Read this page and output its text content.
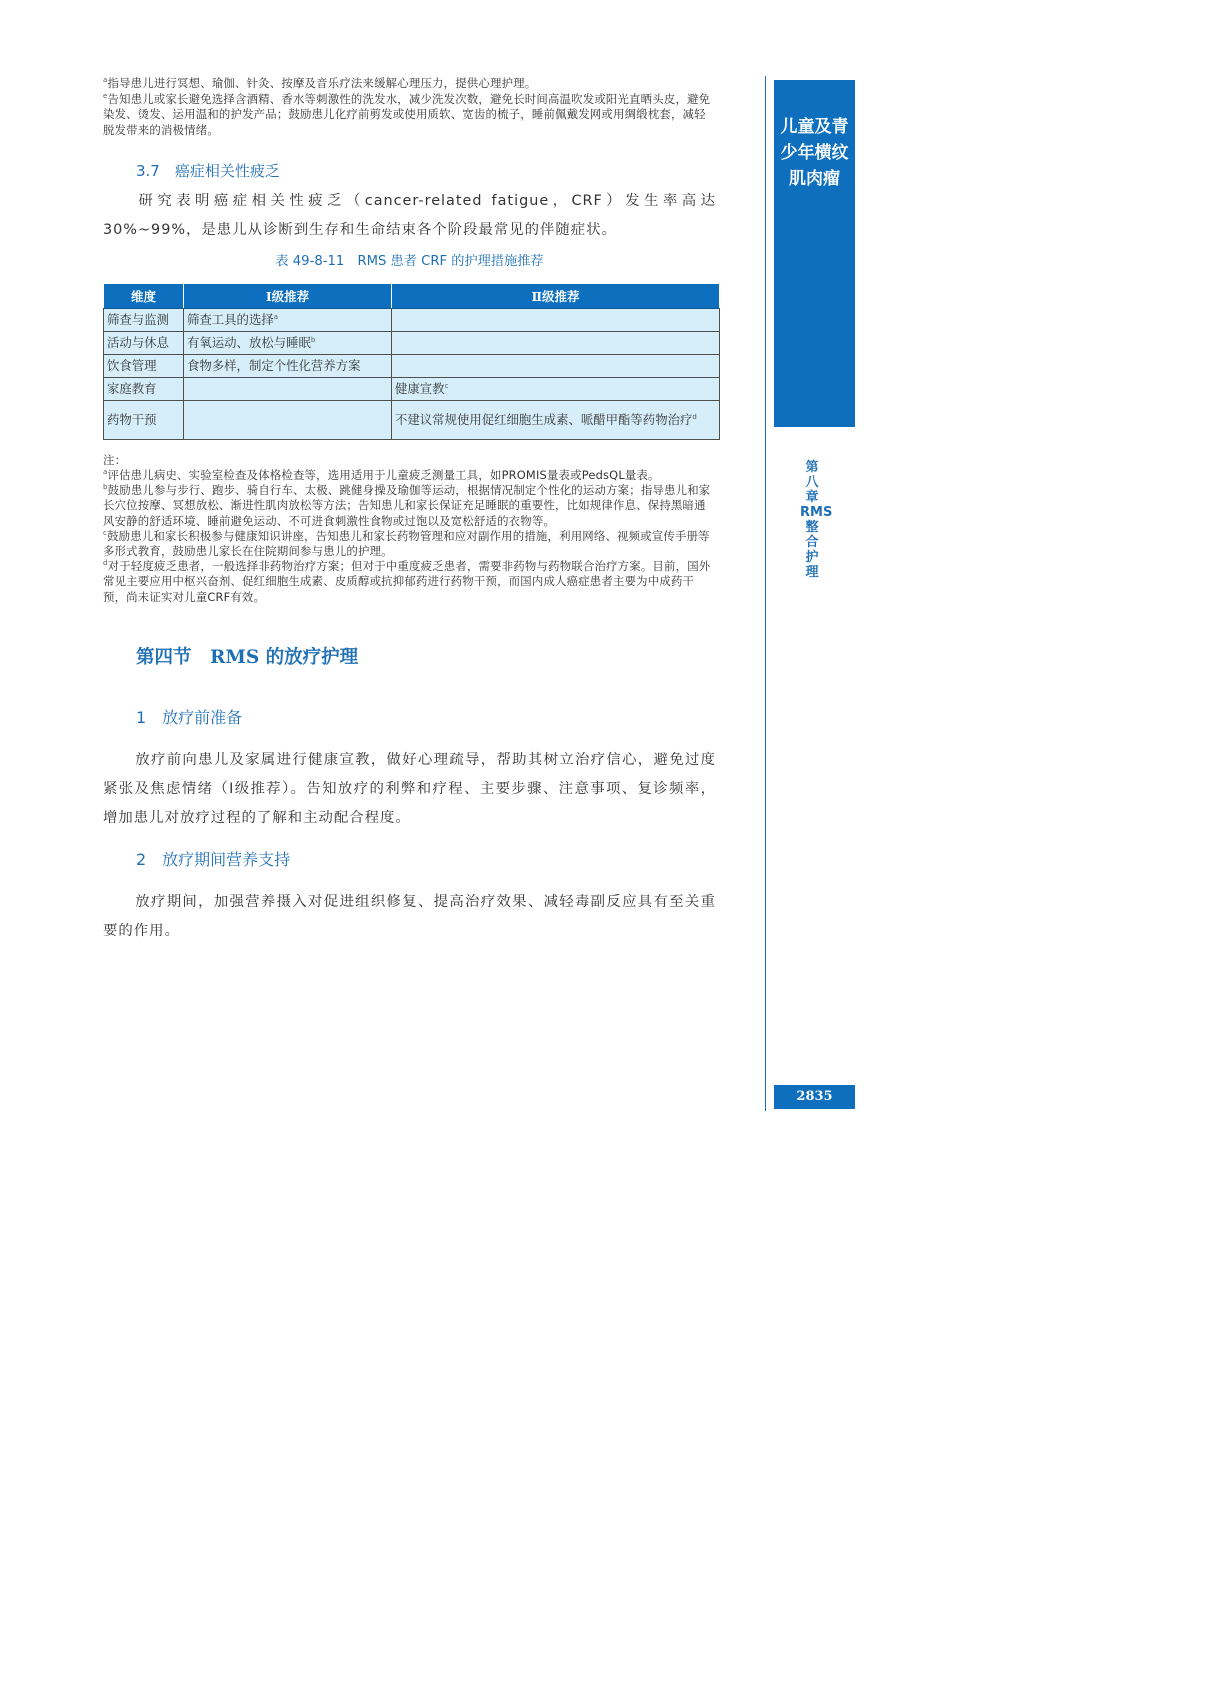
$^a$指导患儿进行冥想、瑜伽、针灸、按摩及音乐疗法来缓解心理压力，提供心理护理。
$^e$告知患儿或家长避免选择含酒精、香水等刺激性的洗发水，减少洗发次数，避免长时间高温吹发或阳光直晒头皮，避免染发、烫发、运用温和的护发产品；鼓励患儿化疗前剪发或使用质软、宽齿的梳子，睡前佩戴发网或用绸缎枕套，减轻脱发带来的消极情绪。
3.7　癌症相关性疲乏
研究表明癌症相关性疲乏（cancer-related fatigue，CRF）发生率高达30%~99%，是患儿从诊断到生存和生命结束各个阶段最常见的伴随症状。
表 49-8-11　RMS 患者 CRF 的护理措施推荐
维度	Ⅰ级推荐	Ⅱ级推荐
筛查与监测	筛查工具的选择$^a$	
活动与休息	有氧运动、放松与睡眠$^b$	
饮食管理	食物多样，制定个性化营养方案	
家庭教育		健康宣教$^c$
药物干预		不建议常规使用促红细胞生成素、哌醋甲酯等药物治疗$^d$
注：
$^a$评估患儿病史、实验室检查及体格检查等，选用适用于儿童疲乏测量工具，如PROMIS量表或PedsQL量表。
$^b$鼓励患儿参与步行、跑步、骑自行车、太极、跳健身操及瑜伽等运动，根据情况制定个性化的运动方案；指导患儿和家长穴位按摩、冥想放松、渐进性肌肉放松等方法；告知患儿和家长保证充足睡眠的重要性，比如规律作息、保持黑暗通风安静的舒适环境、睡前避免运动、不可进食刺激性食物或过饱以及宽松舒适的衣物等。
$^c$鼓励患儿和家长积极参与健康知识讲座，告知患儿和家长药物管理和应对副作用的措施，利用网络、视频或宣传手册等多形式教育，鼓励患儿家长在住院期间参与患儿的护理。
$^d$对于轻度疲乏患者，一般选择非药物治疗方案；但对于中重度疲乏患者，需要非药物与药物联合治疗方案。目前，国外常见主要应用中枢兴奋剂、促红细胞生成素、皮质醇或抗抑郁药进行药物干预，而国内成人癌症患者主要为中成药干预，尚未证实对儿童CRF有效。
第四节　RMS 的放疗护理
1　放疗前准备
放疗前向患儿及家属进行健康宣教，做好心理疏导，帮助其树立治疗信心，避免过度紧张及焦虑情绪（Ⅰ级推荐）。告知放疗的利弊和疗程、主要步骤、注意事项、复诊频率，增加患儿对放疗过程的了解和主动配合程度。
2　放疗期间营养支持
放疗期间，加强营养摄入对促进组织修复、提高治疗效果、减轻毒副反应具有至关重要的作用。
儿童及青少年横纹肌肉瘤
第八章　RMS整合护理
2835
